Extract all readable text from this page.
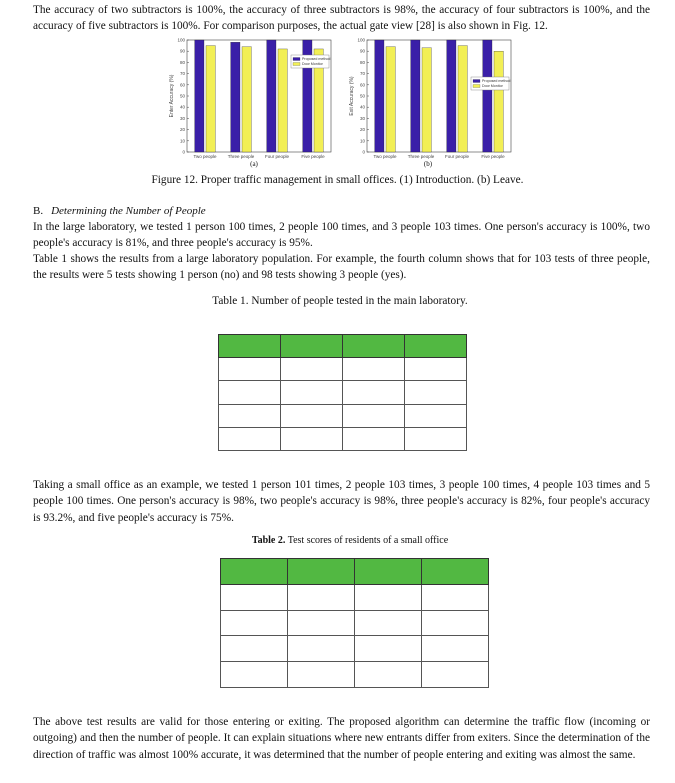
The accuracy of two subtractors is 100%, the accuracy of three subtractors is 98%, the accuracy of four subtractors is 100%, and the accuracy of five subtractors is 100%. For comparison purposes, the actual gate view [28] is also shown in Fig. 12.

Enter Accuracy (%)
0
10
20
30
40
50
60
70
80
90
100
Two people Three people Four people	Five people
Proposed method
Door Monitor
Exit Accuracy (%)
0
10
20
30
40
50
60
70
80
90
100
Two people Three people Four people	Five people
Proposed method
Door Monitor
(a)	(b)
Figure 12. Proper traffic management in small offices. (1) Introduction. (b) Leave.
B. Determining the Number of People

In the large laboratory, we tested 1 person 100 times, 2 people 100 times, and 3 people 103 times. One person's accuracy is 100%, two people's accuracy is 81%, and three people's accuracy is 95%.

Table 1 shows the results from a large laboratory population. For example, the fourth column shows that for 103 tests of three people, the results were 5 tests showing 1 person (no) and 98 tests showing 3 people (yes).

Table 1. Number of people tested in the main laboratory.

Taking a small office as an example, we tested 1 person 101 times, 2 people 103 times, 3 people 100 times, 4 people 103 times and 5 people 100 times. One person's accuracy is 98%, two people's accuracy is 98%, three people's accuracy is 82%, four people's accuracy is 93.2%, and five people's accuracy is 75%.

Table 2. Test scores of residents of a small office

The above test results are valid for those entering or exiting. The proposed algorithm can determine the traffic flow (incoming or outgoing) and then the number of people. It can explain situations where new entrants differ from exiters. Since the determination of the direction of traffic was almost 100% accurate, it was determined that the number of people entering and exiting was almost the same.
